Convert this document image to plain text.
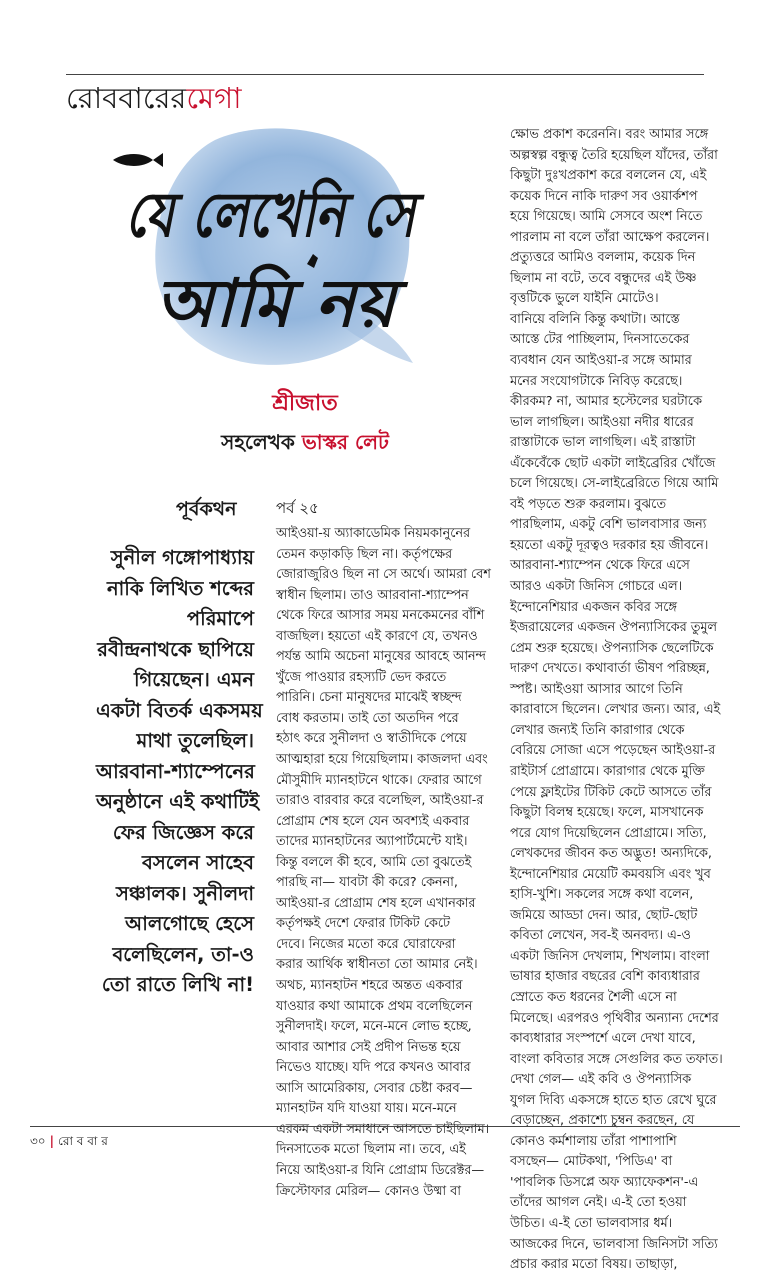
রোববারেরমেগা
যে লেখেনি সে
আমি নয়
শ্রীজাত
সহলেখক ভাস্কর লেট
পূর্বকথন	পর্ব ২৫
সুনীল গঙ্গোপাধ্যায়
নাকি লিখিত শব্দের
পরিমাপে
রবীন্দ্রনাথকে ছাপিয়ে
গিয়েছেন। এমন
একটা বিতর্ক একসময়
মাথা তুলেছিল।
আরবানা-শ্যাম্পেনের
অনুষ্ঠানে এই কথাটিই
ফের জিজ্ঞেস করে
বসলেন সাহেব
সঞ্চালক। সুনীলদা
আলগোছে হেসে
বলেছিলেন, তা-ও
তো রাতে লিখি না!
আইওয়া-য় অ্যাকাডেমিক নিয়মকানুনের
তেমন কড়াকড়ি ছিল না। কর্তৃপক্ষের
জোরাজুরিও ছিল না সে অর্থে। আমরা বেশ
স্বাধীন ছিলাম। তাও আরবানা-শ্যাম্পেন
থেকে ফিরে আসার সময় মনকেমনের বাঁশি
বাজছিল। হয়তো এই কারণে যে, তখনও
পর্যন্ত আমি অচেনা মানুষের আবহে আনন্দ
খুঁজে পাওয়ার রহস্যটি ভেদ করতে
পারিনি। চেনা মানুষদের মাঝেই স্বচ্ছন্দ
বোধ করতাম। তাই তো অতদিন পরে
হঠাৎ করে সুনীলদা ও স্বাতীদিকে পেয়ে
আত্মহারা হয়ে গিয়েছিলাম। কাজলদা এবং
মৌসুমীদি ম্যানহাটনে থাকে। ফেরার আগে
তারাও বারবার করে বলেছিল, আইওয়া-র
প্রোগ্রাম শেষ হলে যেন অবশ্যই একবার
তাদের ম্যানহাটনের অ্যাপার্টমেন্টে যাই।
কিন্তু বললে কী হবে, আমি তো বুঝতেই
পারছি না— যাবটা কী করে? কেননা,
আইওয়া-র প্রোগ্রাম শেষ হলে এখানকার
কর্তৃপক্ষই দেশে ফেরার টিকিট কেটে
দেবে। নিজের মতো করে ঘোরাফেরা
করার আর্থিক স্বাধীনতা তো আমার নেই।
অথচ, ম্যানহাটন শহরে অন্তত একবার
যাওয়ার কথা আমাকে প্রথম বলেছিলেন
সুনীলদাই। ফলে, মনে-মনে লোভ হচ্ছে,
আবার আশার সেই প্রদীপ নিভন্ত হয়ে
নিভেও যাচ্ছে। যদি পরে কখনও আবার
আসি আমেরিকায়, সেবার চেষ্টা করব—
ম্যানহাটন যদি যাওয়া যায়। মনে-মনে
এরকম একটা সমাধানে আসতে চাইছিলাম।
দিনসাতেক মতো ছিলাম না। তবে, এই
নিয়ে আইওয়া-র যিনি প্রোগ্রাম ডিরেক্টর—
ক্রিস্টোফার মেরিল— কোনও উষ্মা বা
ক্ষোভ প্রকাশ করেননি। বরং আমার সঙ্গে
অল্পস্বল্প বন্ধুত্ব তৈরি হয়েছিল যাঁদের, তাঁরা
কিছুটা দুঃখপ্রকাশ করে বললেন যে, এই
কয়েক দিনে নাকি দারুণ সব ওয়ার্কশপ
হয়ে গিয়েছে। আমি সেসবে অংশ নিতে
পারলাম না বলে তাঁরা আক্ষেপ করলেন।
প্রত্যুত্তরে আমিও বললাম, কয়েক দিন
ছিলাম না বটে, তবে বন্ধুদের এই উষ্ণ
বৃত্তটিকে ভুলে যাইনি মোটেও।
বানিয়ে বলিনি কিন্তু কথাটা। আস্তে
আস্তে টের পাচ্ছিলাম, দিনসাতেকের
ব্যবধান যেন আইওয়া-র সঙ্গে আমার
মনের সংযোগটাকে নিবিড় করেছে।
কীরকম? না, আমার হস্টেলের ঘরটাকে
ভাল লাগছিল। আইওয়া নদীর ধারের
রাস্তাটাকে ভাল লাগছিল। এই রাস্তাটা
এঁকেবেঁকে ছোট একটা লাইব্রেরির খোঁজে
চলে গিয়েছে। সে-লাইব্রেরিতে গিয়ে আমি
বই পড়তে শুরু করলাম। বুঝতে
পারছিলাম, একটু বেশি ভালবাসার জন্য
হয়তো একটু দূরত্বও দরকার হয় জীবনে।
আরবানা-শ্যাম্পেন থেকে ফিরে এসে
আরও একটা জিনিস গোচরে এল।
ইন্দোনেশিয়ার একজন কবির সঙ্গে
ইজরায়েলের একজন ঔপন্যাসিকের তুমুল
প্রেম শুরু হয়েছে। ঔপন্যাসিক ছেলেটিকে
দারুণ দেখতে। কথাবার্তা ভীষণ পরিচ্ছন্ন,
স্পষ্ট। আইওয়া আসার আগে তিনি
কারাবাসে ছিলেন। লেখার জন্য। আর, এই
লেখার জন্যই তিনি কারাগার থেকে
বেরিয়ে সোজা এসে পড়েছেন আইওয়া-র
রাইটার্স প্রোগ্রামে। কারাগার থেকে মুক্তি
পেয়ে ফ্লাইটের টিকিট কেটে আসতে তাঁর
কিছুটা বিলম্ব হয়েছে। ফলে, মাসখানেক
পরে যোগ দিয়েছিলেন প্রোগ্রামে। সত্যি,
লেখকদের জীবন কত অদ্ভুত! অন্যদিকে,
ইন্দোনেশিয়ার মেয়েটি কমবয়সি এবং খুব
হাসি-খুশি। সকলের সঙ্গে কথা বলেন,
জমিয়ে আড্ডা দেন। আর, ছোট-ছোট
কবিতা লেখেন, সব-ই অনবদ্য। এ-ও
একটা জিনিস দেখলাম, শিখলাম। বাংলা
ভাষার হাজার বছরের বেশি কাব্যধারার
স্রোতে কত ধরনের শৈলী এসে না
মিলেছে। এরপরও পৃথিবীর অন্যান্য দেশের
কাব্যধারার সংস্পর্শে এলে দেখা যাবে,
বাংলা কবিতার সঙ্গে সেগুলির কত তফাত।
দেখা গেল— এই কবি ও ঔপন্যাসিক
যুগল দিব্যি একসঙ্গে হাতে হাত রেখে ঘুরে
বেড়াচ্ছেন, প্রকাশ্যে চুম্বন করছেন, যে
কোনও কর্মশালায় তাঁরা পাশাপাশি
বসছেন— মোটকথা, 'পিডিএ' বা
'পাবলিক ডিসপ্লে অফ অ্যাফেকশন'-এ
তাঁদের আগল নেই। এ-ই তো হওয়া
উচিত। এ-ই তো ভালবাসার ধর্ম।
আজকের দিনে, ভালবাসা জিনিসটা সত্যি
প্রচার করার মতো বিষয়। তাছাড়া,
৩০ | রো ব বা র
